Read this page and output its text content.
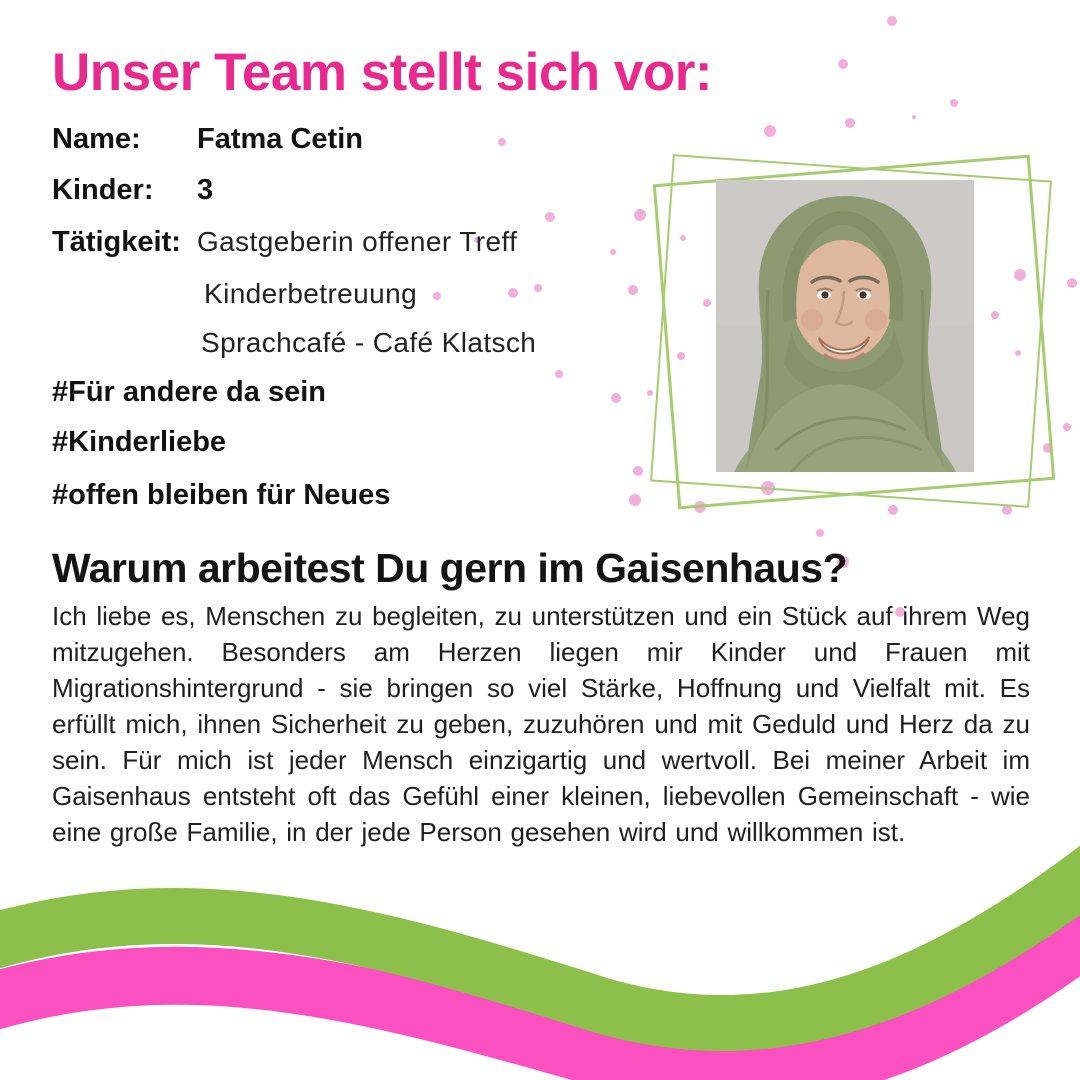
Unser Team stellt sich vor:
Name:	Fatma Cetin
Kinder:	3
Tätigkeit: Gastgeberin offener Treff
Kinderbetreuung
Sprachcafé - Café Klatsch
#Für andere da sein
#Kinderliebe
#offen bleiben für Neues
Warum arbeitest Du gern im Gaisenhaus?
Ich liebe es, Menschen zu begleiten, zu unterstützen und ein Stück auf ihrem Weg mitzugehen. Besonders am Herzen liegen mir Kinder und Frauen mit Migrationshintergrund - sie bringen so viel Stärke, Hoffnung und Vielfalt mit. Es erfüllt mich, ihnen Sicherheit zu geben, zuzuhören und mit Geduld und Herz da zu sein. Für mich ist jeder Mensch einzigartig und wertvoll. Bei meiner Arbeit im Gaisenhaus entsteht oft das Gefühl einer kleinen, liebevollen Gemeinschaft - wie eine große Familie, in der jede Person gesehen wird und willkommen ist.
